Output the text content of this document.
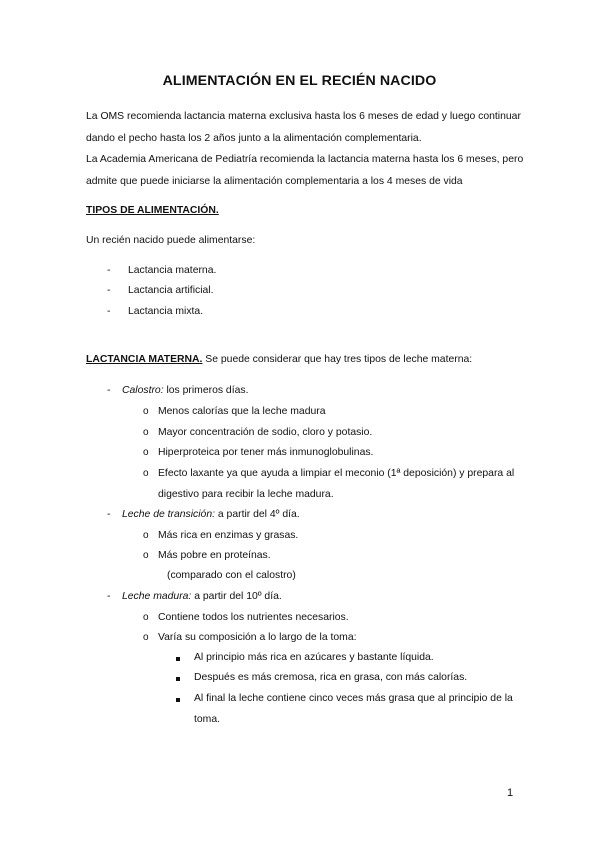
ALIMENTACIÓN EN EL RECIÉN NACIDO

La OMS recomienda lactancia materna exclusiva hasta los 6 meses de edad y luego continuar dando el pecho hasta los 2 años junto a la alimentación complementaria.

La Academia Americana de Pediatría recomienda la lactancia materna hasta los 6 meses, pero admite que puede iniciarse la alimentación complementaria a los 4 meses de vida

TIPOS DE ALIMENTACIÓN.
Un recién nacido puede alimentarse:
- Lactancia materna.
- Lactancia artificial.
- Lactancia mixta.
LACTANCIA MATERNA. Se puede considerar que hay tres tipos de leche materna:
- Calostro: los primeros días.
o Menos calorías que la leche madura
o Mayor concentración de sodio, cloro y potasio.
o Hiperproteica por tener más inmunoglobulinas.
o Efecto laxante ya que ayuda a limpiar el meconio (1ª deposición) y prepara al digestivo para recibir la leche madura.
- Leche de transición: a partir del 4º día.
o Más rica en enzimas y grasas.
o Más pobre en proteínas.
(comparado con el calostro)
- Leche madura: a partir del 10º día.
o Contiene todos los nutrientes necesarios.
o Varía su composición a lo largo de la toma:
Al principio más rica en azúcares y bastante líquida.
Después es más cremosa, rica en grasa, con más calorías.
Al final la leche contiene cinco veces más grasa que al principio de la toma.
1
